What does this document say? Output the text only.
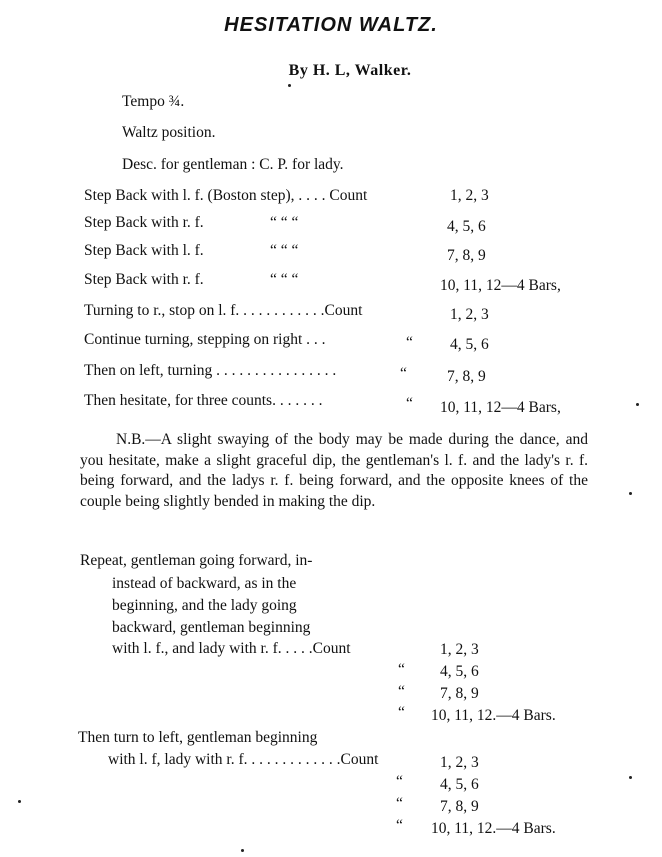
HESITATION WALTZ.
By H. L, Walker.
Tempo ¾.
Waltz position.
Desc. for gentleman : C. P. for lady.
Step Back with l. f. (Boston step), . . . . Count	1, 2, 3
Step Back with r. f.	“ “ “	4, 5, 6
Step Back with l. f.	“ “ “	7, 8, 9
Step Back with r. f.	“ “ “	10, 11, 12—4 Bars,
Turning to r., stop on l. f. . . . . . . . . . . .Count	1, 2, 3
Continue turning, stepping on right . . .	“ 4, 5, 6
Then on left, turning . . . . . . . . . . . . . . . .	“	7, 8, 9
Then hesitate, for three counts. . . . . . .	“ 10, 11, 12—4 Bars,
N.B.—A slight swaying of the body may be made during the dance, and you hesitate, make a slight graceful dip, the gentleman's l. f. and the lady's r. f. being forward, and the ladys r. f. being forward, and the opposite knees of the couple being slightly bended in making the dip.
Repeat, gentleman going forward, in-
instead of backward, as in the
beginning, and the lady going
backward, gentleman beginning
with l. f., and lady with r. f. . . . .Count	1, 2, 3
“ 4, 5, 6
“ 7, 8, 9
“ 10, 11, 12.—4 Bars.
Then turn to left, gentleman beginning
with l. f, lady with r. f. . . . . . . . . . . . .Count	1, 2, 3
“ 4, 5, 6
“ 7, 8, 9
“ 10, 11, 12.—4 Bars.
